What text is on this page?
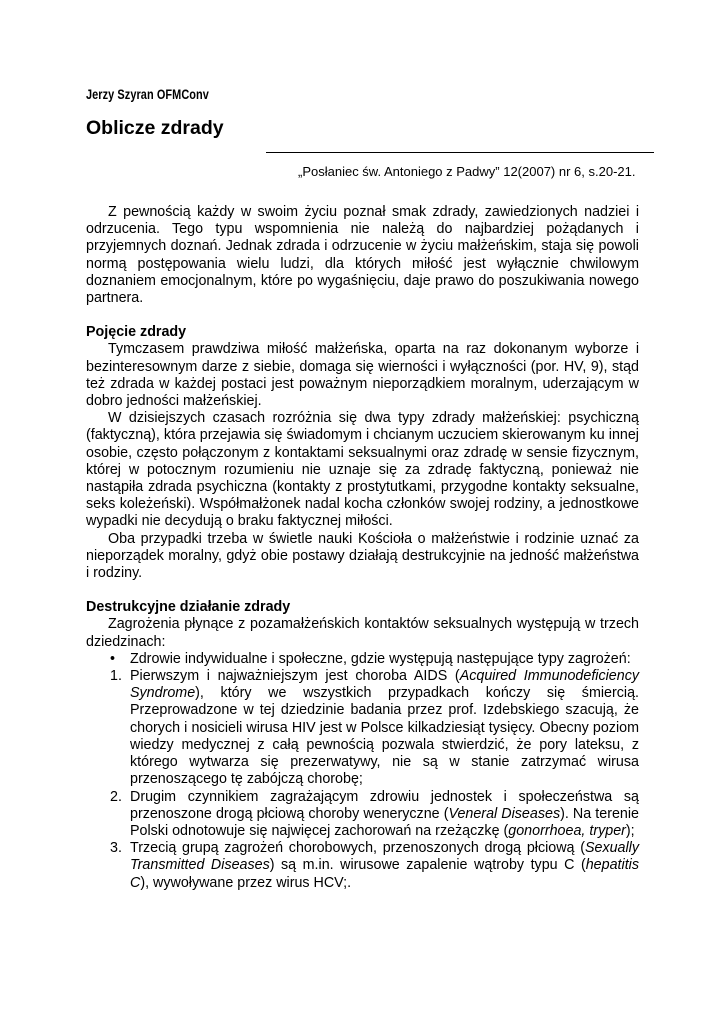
Jerzy Szyran OFMConv
Oblicze zdrady
„Posłaniec św. Antoniego z Padwy” 12(2007) nr 6, s.20-21.

Z pewnością każdy w swoim życiu poznał smak zdrady, zawiedzionych nadziei i odrzucenia. Tego typu wspomnienia nie należą do najbardziej pożądanych i przyjemnych doznań. Jednak zdrada i odrzucenie w życiu małżeńskim, staja się powoli normą postępowania wielu ludzi, dla których miłość jest wyłącznie chwilowym doznaniem emocjonalnym, które po wygaśnięciu, daje prawo do poszukiwania nowego partnera.

Pojęcie zdrady

Tymczasem prawdziwa miłość małżeńska, oparta na raz dokonanym wyborze i bezinteresownym darze z siebie, domaga się wierności i wyłączności (por. HV, 9), stąd też zdrada w każdej postaci jest poważnym nieporządkiem moralnym, uderzającym w dobro jedności małżeńskiej.

W dzisiejszych czasach rozróżnia się dwa typy zdrady małżeńskiej: psychiczną (faktyczną), która przejawia się świadomym i chcianym uczuciem skierowanym ku innej osobie, często połączonym z kontaktami seksualnymi oraz zdradę w sensie fizycznym, której w potocznym rozumieniu nie uznaje się za zdradę faktyczną, ponieważ nie nastąpiła zdrada psychiczna (kontakty z prostytutkami, przygodne kontakty seksualne, seks koleżeński). Współmałżonek nadal kocha członków swojej rodziny, a jednostkowe wypadki nie decydują o braku faktycznej miłości.

Oba przypadki trzeba w świetle nauki Kościoła o małżeństwie i rodzinie uznać za nieporządek moralny, gdyż obie postawy działają destrukcyjnie na jedność małżeństwa i rodziny.

Destrukcyjne działanie zdrady

Zagrożenia płynące z pozamałżeńskich kontaktów seksualnych występują w trzech dziedzinach:

• Zdrowie indywidualne i społeczne, gdzie występują następujące typy zagrożeń:
1. Pierwszym i najważniejszym jest choroba AIDS (Acquired Immunodeficiency Syndrome), który we wszystkich przypadkach kończy się śmiercią. Przeprowadzone w tej dziedzinie badania przez prof. Izdebskiego szacują, że chorych i nosicieli wirusa HIV jest w Polsce kilkadziesiąt tysięcy. Obecny poziom wiedzy medycznej z całą pewnością pozwala stwierdzić, że pory lateksu, z którego wytwarza się prezerwatywy, nie są w stanie zatrzymać wirusa przenoszącego tę zabójczą chorobę;
2. Drugim czynnikiem zagrażającym zdrowiu jednostek i społeczeństwa są przenoszone drogą płciową choroby weneryczne (Veneral Diseases). Na terenie Polski odnotowuje się najwięcej zachorowań na rzeżączkę (gonorrhoea, tryper);
3. Trzecią grupą zagrożeń chorobowych, przenoszonych drogą płciową (Sexually Transmitted Diseases) są m.in. wirusowe zapalenie wątroby typu C (hepatitis C), wywoływane przez wirus HCV;.
